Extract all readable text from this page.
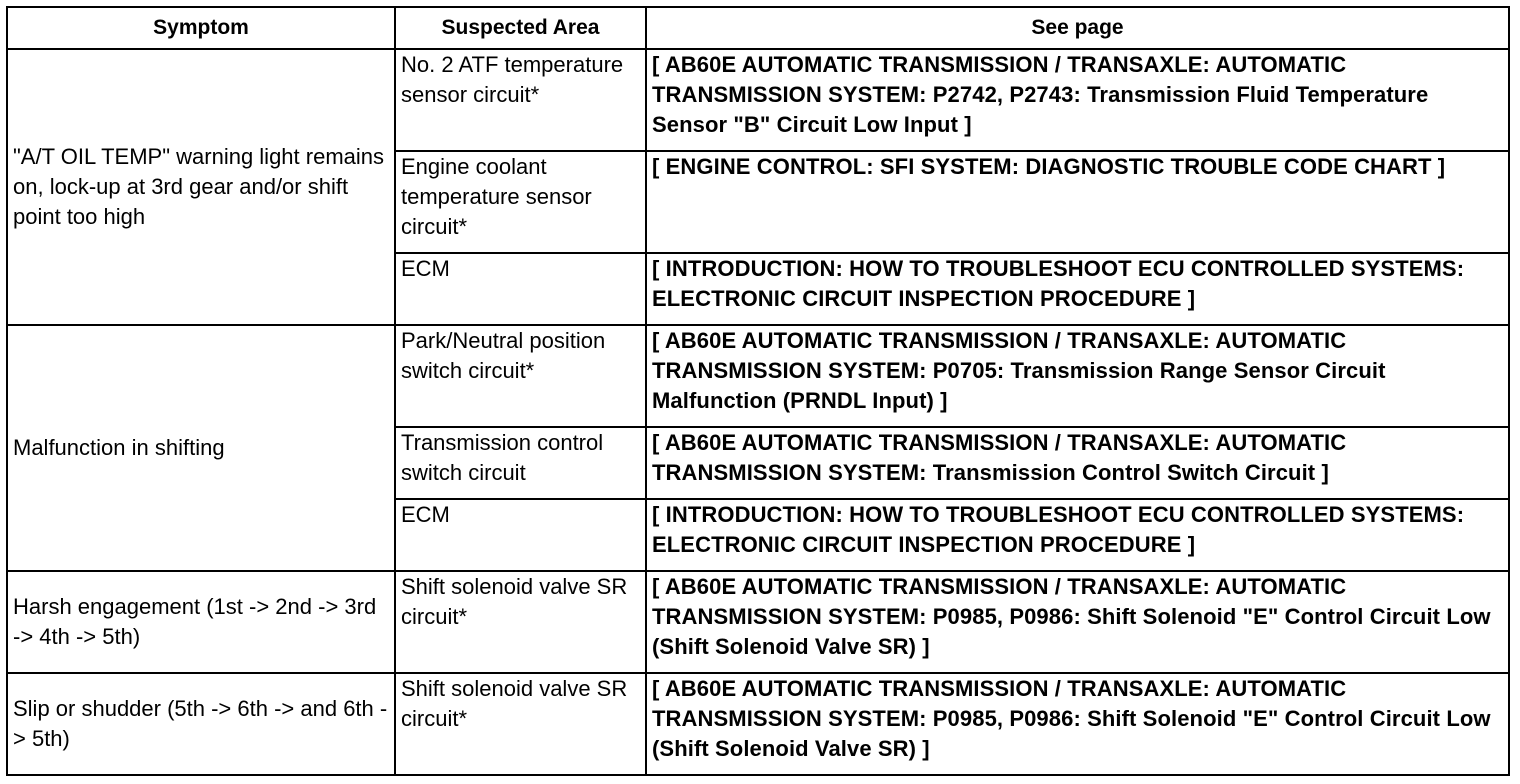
Symptom	Suspected Area	See page
"A/T OIL TEMP" warning light remains on, lock-up at 3rd gear and/or shift point too high	No. 2 ATF temperature sensor circuit*	[ AB60E AUTOMATIC TRANSMISSION / TRANSAXLE: AUTOMATIC TRANSMISSION SYSTEM: P2742, P2743: Transmission Fluid Temperature Sensor "B" Circuit Low Input ]
	Engine coolant temperature sensor circuit*	[ ENGINE CONTROL: SFI SYSTEM: DIAGNOSTIC TROUBLE CODE CHART ]
	ECM	[ INTRODUCTION: HOW TO TROUBLESHOOT ECU CONTROLLED SYSTEMS: ELECTRONIC CIRCUIT INSPECTION PROCEDURE ]
Malfunction in shifting	Park/Neutral position switch circuit*	[ AB60E AUTOMATIC TRANSMISSION / TRANSAXLE: AUTOMATIC TRANSMISSION SYSTEM: P0705: Transmission Range Sensor Circuit Malfunction (PRNDL Input) ]
	Transmission control switch circuit	[ AB60E AUTOMATIC TRANSMISSION / TRANSAXLE: AUTOMATIC TRANSMISSION SYSTEM: Transmission Control Switch Circuit ]
	ECM	[ INTRODUCTION: HOW TO TROUBLESHOOT ECU CONTROLLED SYSTEMS: ELECTRONIC CIRCUIT INSPECTION PROCEDURE ]
Harsh engagement (1st -> 2nd -> 3rd -> 4th -> 5th)	Shift solenoid valve SR circuit*	[ AB60E AUTOMATIC TRANSMISSION / TRANSAXLE: AUTOMATIC TRANSMISSION SYSTEM: P0985, P0986: Shift Solenoid "E" Control Circuit Low (Shift Solenoid Valve SR) ]
Slip or shudder (5th -> 6th -> and 6th -> 5th)	Shift solenoid valve SR circuit*	[ AB60E AUTOMATIC TRANSMISSION / TRANSAXLE: AUTOMATIC TRANSMISSION SYSTEM: P0985, P0986: Shift Solenoid "E" Control Circuit Low (Shift Solenoid Valve SR) ]
